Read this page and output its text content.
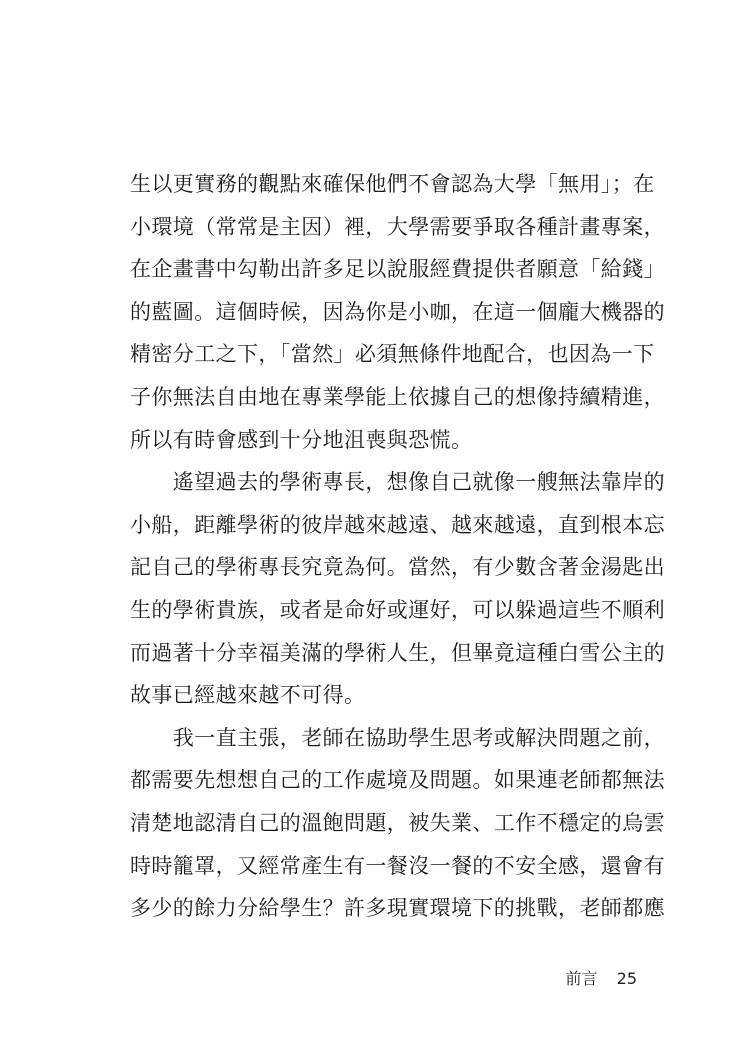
生以更實務的觀點來確保他們不會認為大學「無用」；在
小環境（常常是主因）裡，大學需要爭取各種計畫專案，
在企畫書中勾勒出許多足以說服經費提供者願意「給錢」
的藍圖。這個時候，因為你是小咖，在這一個龐大機器的
精密分工之下，「當然」必須無條件地配合，也因為一下
子你無法自由地在專業學能上依據自己的想像持續精進，
所以有時會感到十分地沮喪與恐慌。
　　遙望過去的學術專長，想像自己就像一艘無法靠岸的
小船，距離學術的彼岸越來越遠、越來越遠，直到根本忘
記自己的學術專長究竟為何。當然，有少數含著金湯匙出
生的學術貴族，或者是命好或運好，可以躲過這些不順利
而過著十分幸福美滿的學術人生，但畢竟這種白雪公主的
故事已經越來越不可得。
　　我一直主張，老師在協助學生思考或解決問題之前，
都需要先想想自己的工作處境及問題。如果連老師都無法
清楚地認清自己的溫飽問題，被失業、工作不穩定的烏雲
時時籠罩，又經常產生有一餐沒一餐的不安全感，還會有
多少的餘力分給學生？許多現實環境下的挑戰，老師都應
前言 25
